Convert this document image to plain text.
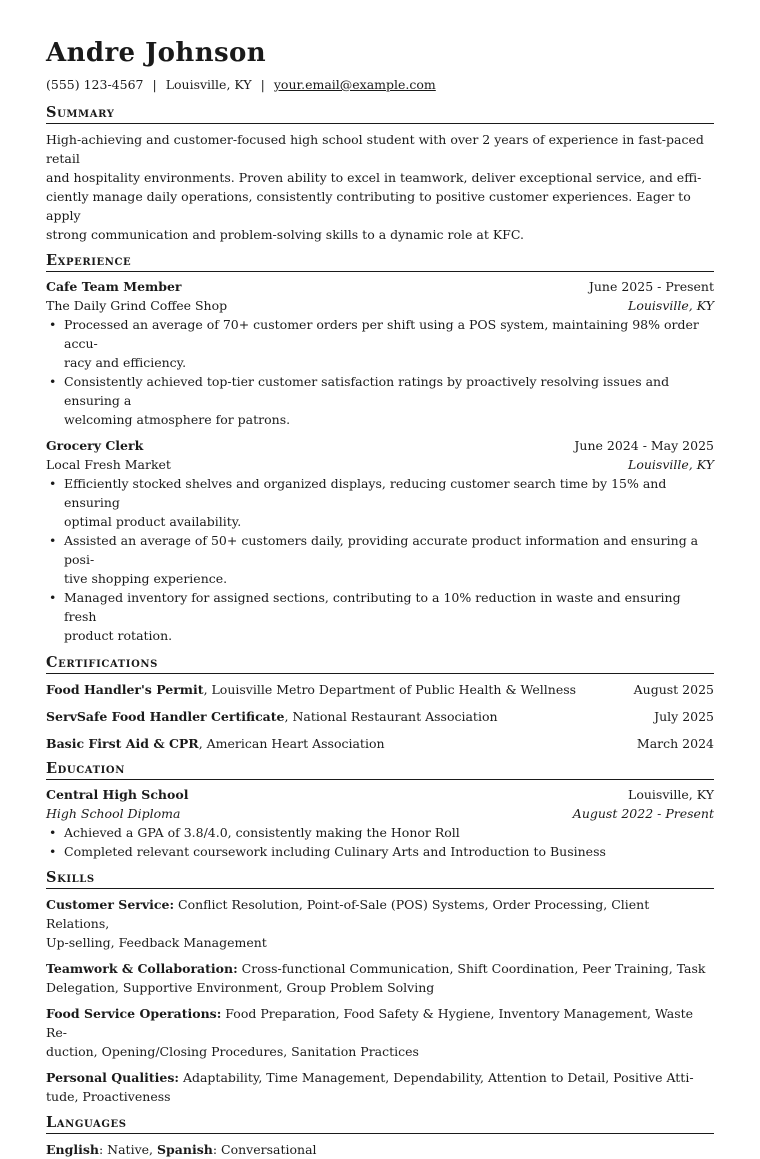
Andre Johnson
(555) 123-4567 | Louisville, KY | your.email@example.com
Summary
High-achieving and customer-focused high school student with over 2 years of experience in fast-paced retail
and hospitality environments. Proven ability to excel in teamwork, deliver exceptional service, and effi-
ciently manage daily operations, consistently contributing to positive customer experiences. Eager to apply
strong communication and problem-solving skills to a dynamic role at KFC.
Experience
Cafe Team Member	June 2025 - Present
The Daily Grind Coffee Shop	Louisville, KY
• Processed an average of 70+ customer orders per shift using a POS system, maintaining 98% order accu-
racy and efficiency.
• Consistently achieved top-tier customer satisfaction ratings by proactively resolving issues and ensuring a
welcoming atmosphere for patrons.
Grocery Clerk	June 2024 - May 2025
Local Fresh Market	Louisville, KY
• Efficiently stocked shelves and organized displays, reducing customer search time by 15% and ensuring
optimal product availability.
• Assisted an average of 50+ customers daily, providing accurate product information and ensuring a posi-
tive shopping experience.
• Managed inventory for assigned sections, contributing to a 10% reduction in waste and ensuring fresh
product rotation.
Certifications
Food Handler's Permit, Louisville Metro Department of Public Health & Wellness	August 2025
ServSafe Food Handler Certificate, National Restaurant Association	July 2025
Basic First Aid & CPR, American Heart Association	March 2024
Education
Central High School	Louisville, KY
High School Diploma	August 2022 - Present
• Achieved a GPA of 3.8/4.0, consistently making the Honor Roll
• Completed relevant coursework including Culinary Arts and Introduction to Business
Skills
Customer Service: Conflict Resolution, Point-of-Sale (POS) Systems, Order Processing, Client Relations,
Up-selling, Feedback Management
Teamwork & Collaboration: Cross-functional Communication, Shift Coordination, Peer Training, Task
Delegation, Supportive Environment, Group Problem Solving
Food Service Operations: Food Preparation, Food Safety & Hygiene, Inventory Management, Waste Re-
duction, Opening/Closing Procedures, Sanitation Practices
Personal Qualities: Adaptability, Time Management, Dependability, Attention to Detail, Positive Atti-
tude, Proactiveness
Languages
English: Native, Spanish: Conversational
